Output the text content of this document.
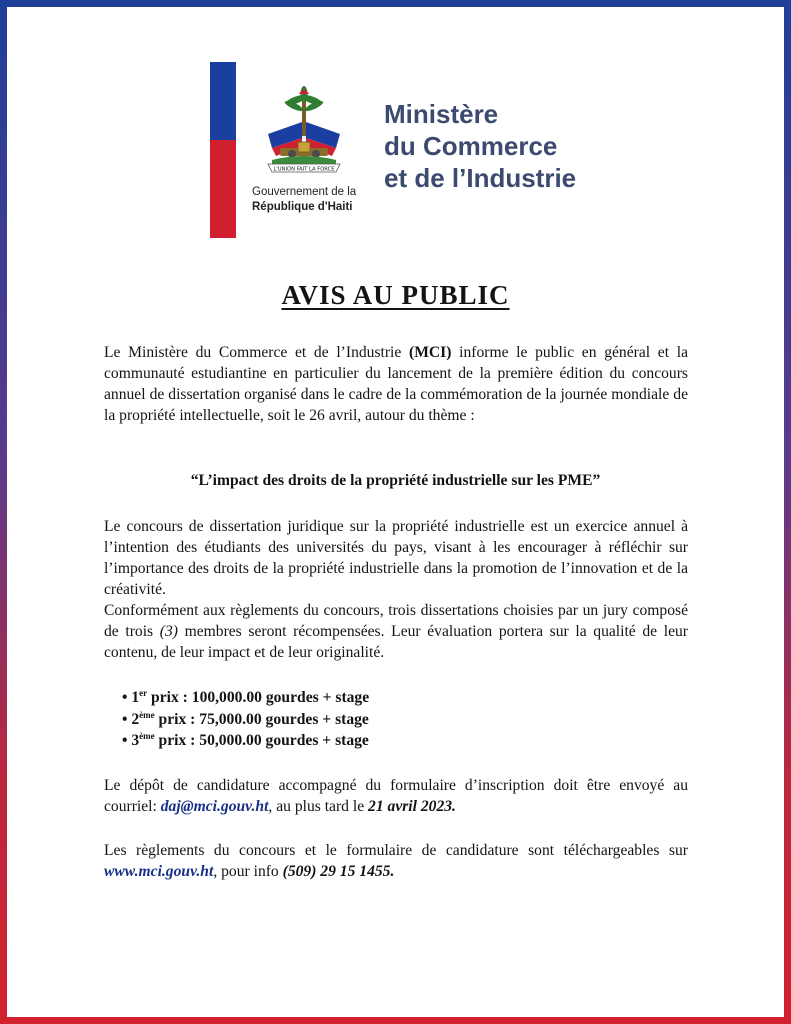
L'UNION FAIT LA FORCE
Gouvernement de la
République d'Haiti
Ministère
du Commerce
et de l’Industrie
AVIS AU PUBLIC
Le Ministère du Commerce et de l’Industrie (MCI) informe le public en général et la communauté estudiantine en particulier du lancement de la première édition du concours annuel de dissertation organisé dans le cadre de la commémoration de la journée mondiale de la propriété intellectuelle, soit le 26 avril, autour du thème :
“L’impact des droits de la propriété industrielle sur les PME”
Le concours de dissertation juridique sur la propriété industrielle est un exercice annuel à l’intention des étudiants des universités du pays, visant à les encourager à réfléchir sur l’importance des droits de la propriété industrielle dans la promotion de l’innovation et de la créativité.
Conformément aux règlements du concours, trois dissertations choisies par un jury composé de trois (3) membres seront récompensées. Leur évaluation portera sur la qualité de leur contenu, de leur impact et de leur originalité.
• 1er prix : 100,000.00 gourdes + stage
• 2ème prix : 75,000.00 gourdes + stage
• 3ème prix : 50,000.00 gourdes + stage
Le dépôt de candidature accompagné du formulaire d’inscription doit être envoyé au courriel: daj@mci.gouv.ht, au plus tard le 21 avril 2023.
Les règlements du concours et le formulaire de candidature sont téléchargeables sur www.mci.gouv.ht, pour info (509) 29 15 1455.
